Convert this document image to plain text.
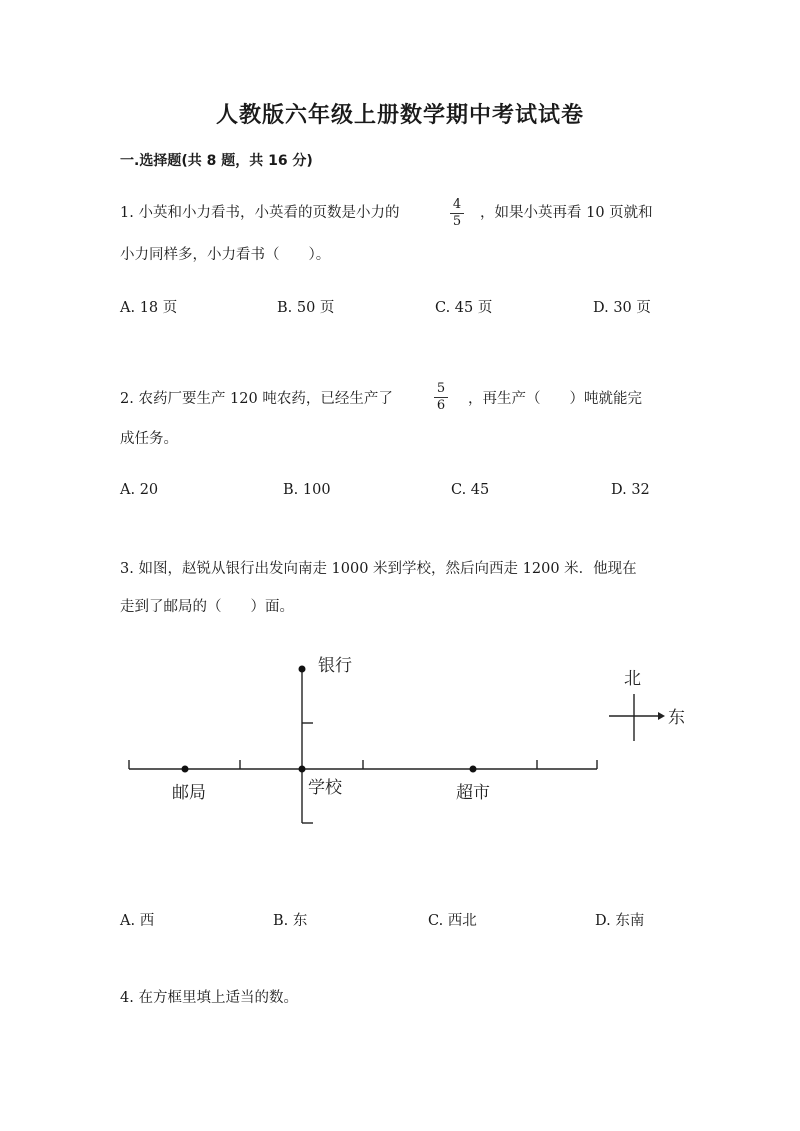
人教版六年级上册数学期中考试试卷
一.选择题(共 8 题，共 16 分)
1. 小英和小力看书，小英看的页数是小力的
4
5
，如果小英再看 10 页就和
小力同样多，小力看书（　　）。
A. 18 页	B. 50 页	C. 45 页	D. 30 页
2. 农药厂要生产 120 吨农药，已经生产了
5
6 ，再生产（　　）吨就能完
成任务。
A. 20	B. 100	C. 45	D. 32
3. 如图，赵锐从银行出发向南走 1000 米到学校，然后向西走 1200 米．他现在
走到了邮局的（　　）面。
银行
邮局	学校	超市
北
东
A. 西	B. 东	C. 西北	D. 东南
4. 在方框里填上适当的数。
